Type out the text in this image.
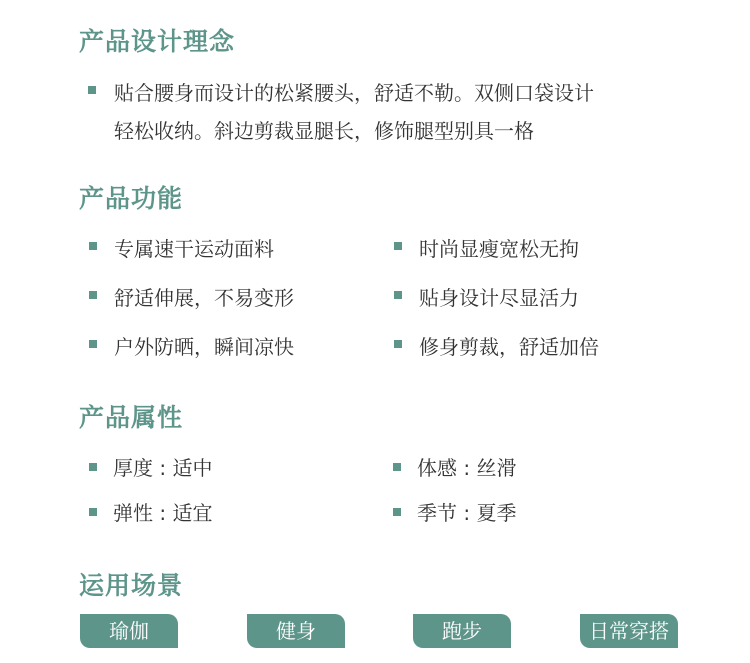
产品设计理念
贴合腰身而设计的松紧腰头，舒适不勒。双侧口袋设计
轻松收纳。斜边剪裁显腿长，修饰腿型别具一格
产品功能
专属速干运动面料	时尚显瘦宽松无拘
舒适伸展，不易变形	贴身设计尽显活力
户外防晒，瞬间凉快	修身剪裁，舒适加倍
产品属性
厚度 : 适中	体感 : 丝滑
弹性 : 适宜	季节 : 夏季
运用场景
瑜伽	健身	跑步	日常穿搭
